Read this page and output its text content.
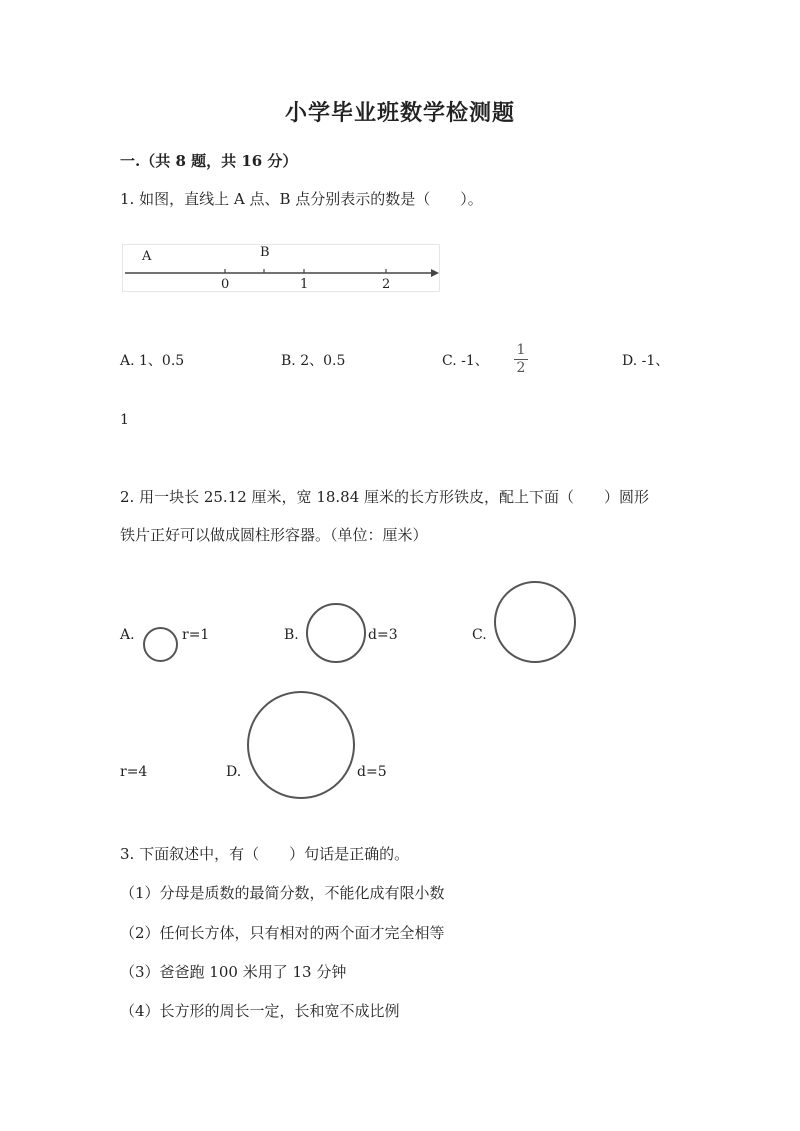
小学毕业班数学检测题
一.（共 8 题，共 16 分）
1. 如图，直线上 A 点、B 点分别表示的数是（　　）。
A	B
0	1	2
A. 1、0.5	B. 2、0.5	C. -1、
1
2	D. -1、
1
2. 用一块长 25.12 厘米，宽 18.84 厘米的长方形铁皮，配上下面（　　）圆形
铁片正好可以做成圆柱形容器。（单位：厘米）
A.	r=1	B.	d=3	C.
r=4	D.	d=5
3. 下面叙述中，有（　　）句话是正确的。
（1）分母是质数的最简分数，不能化成有限小数
（2）任何长方体，只有相对的两个面才完全相等
（3）爸爸跑 100 米用了 13 分钟
（4）长方形的周长一定，长和宽不成比例
